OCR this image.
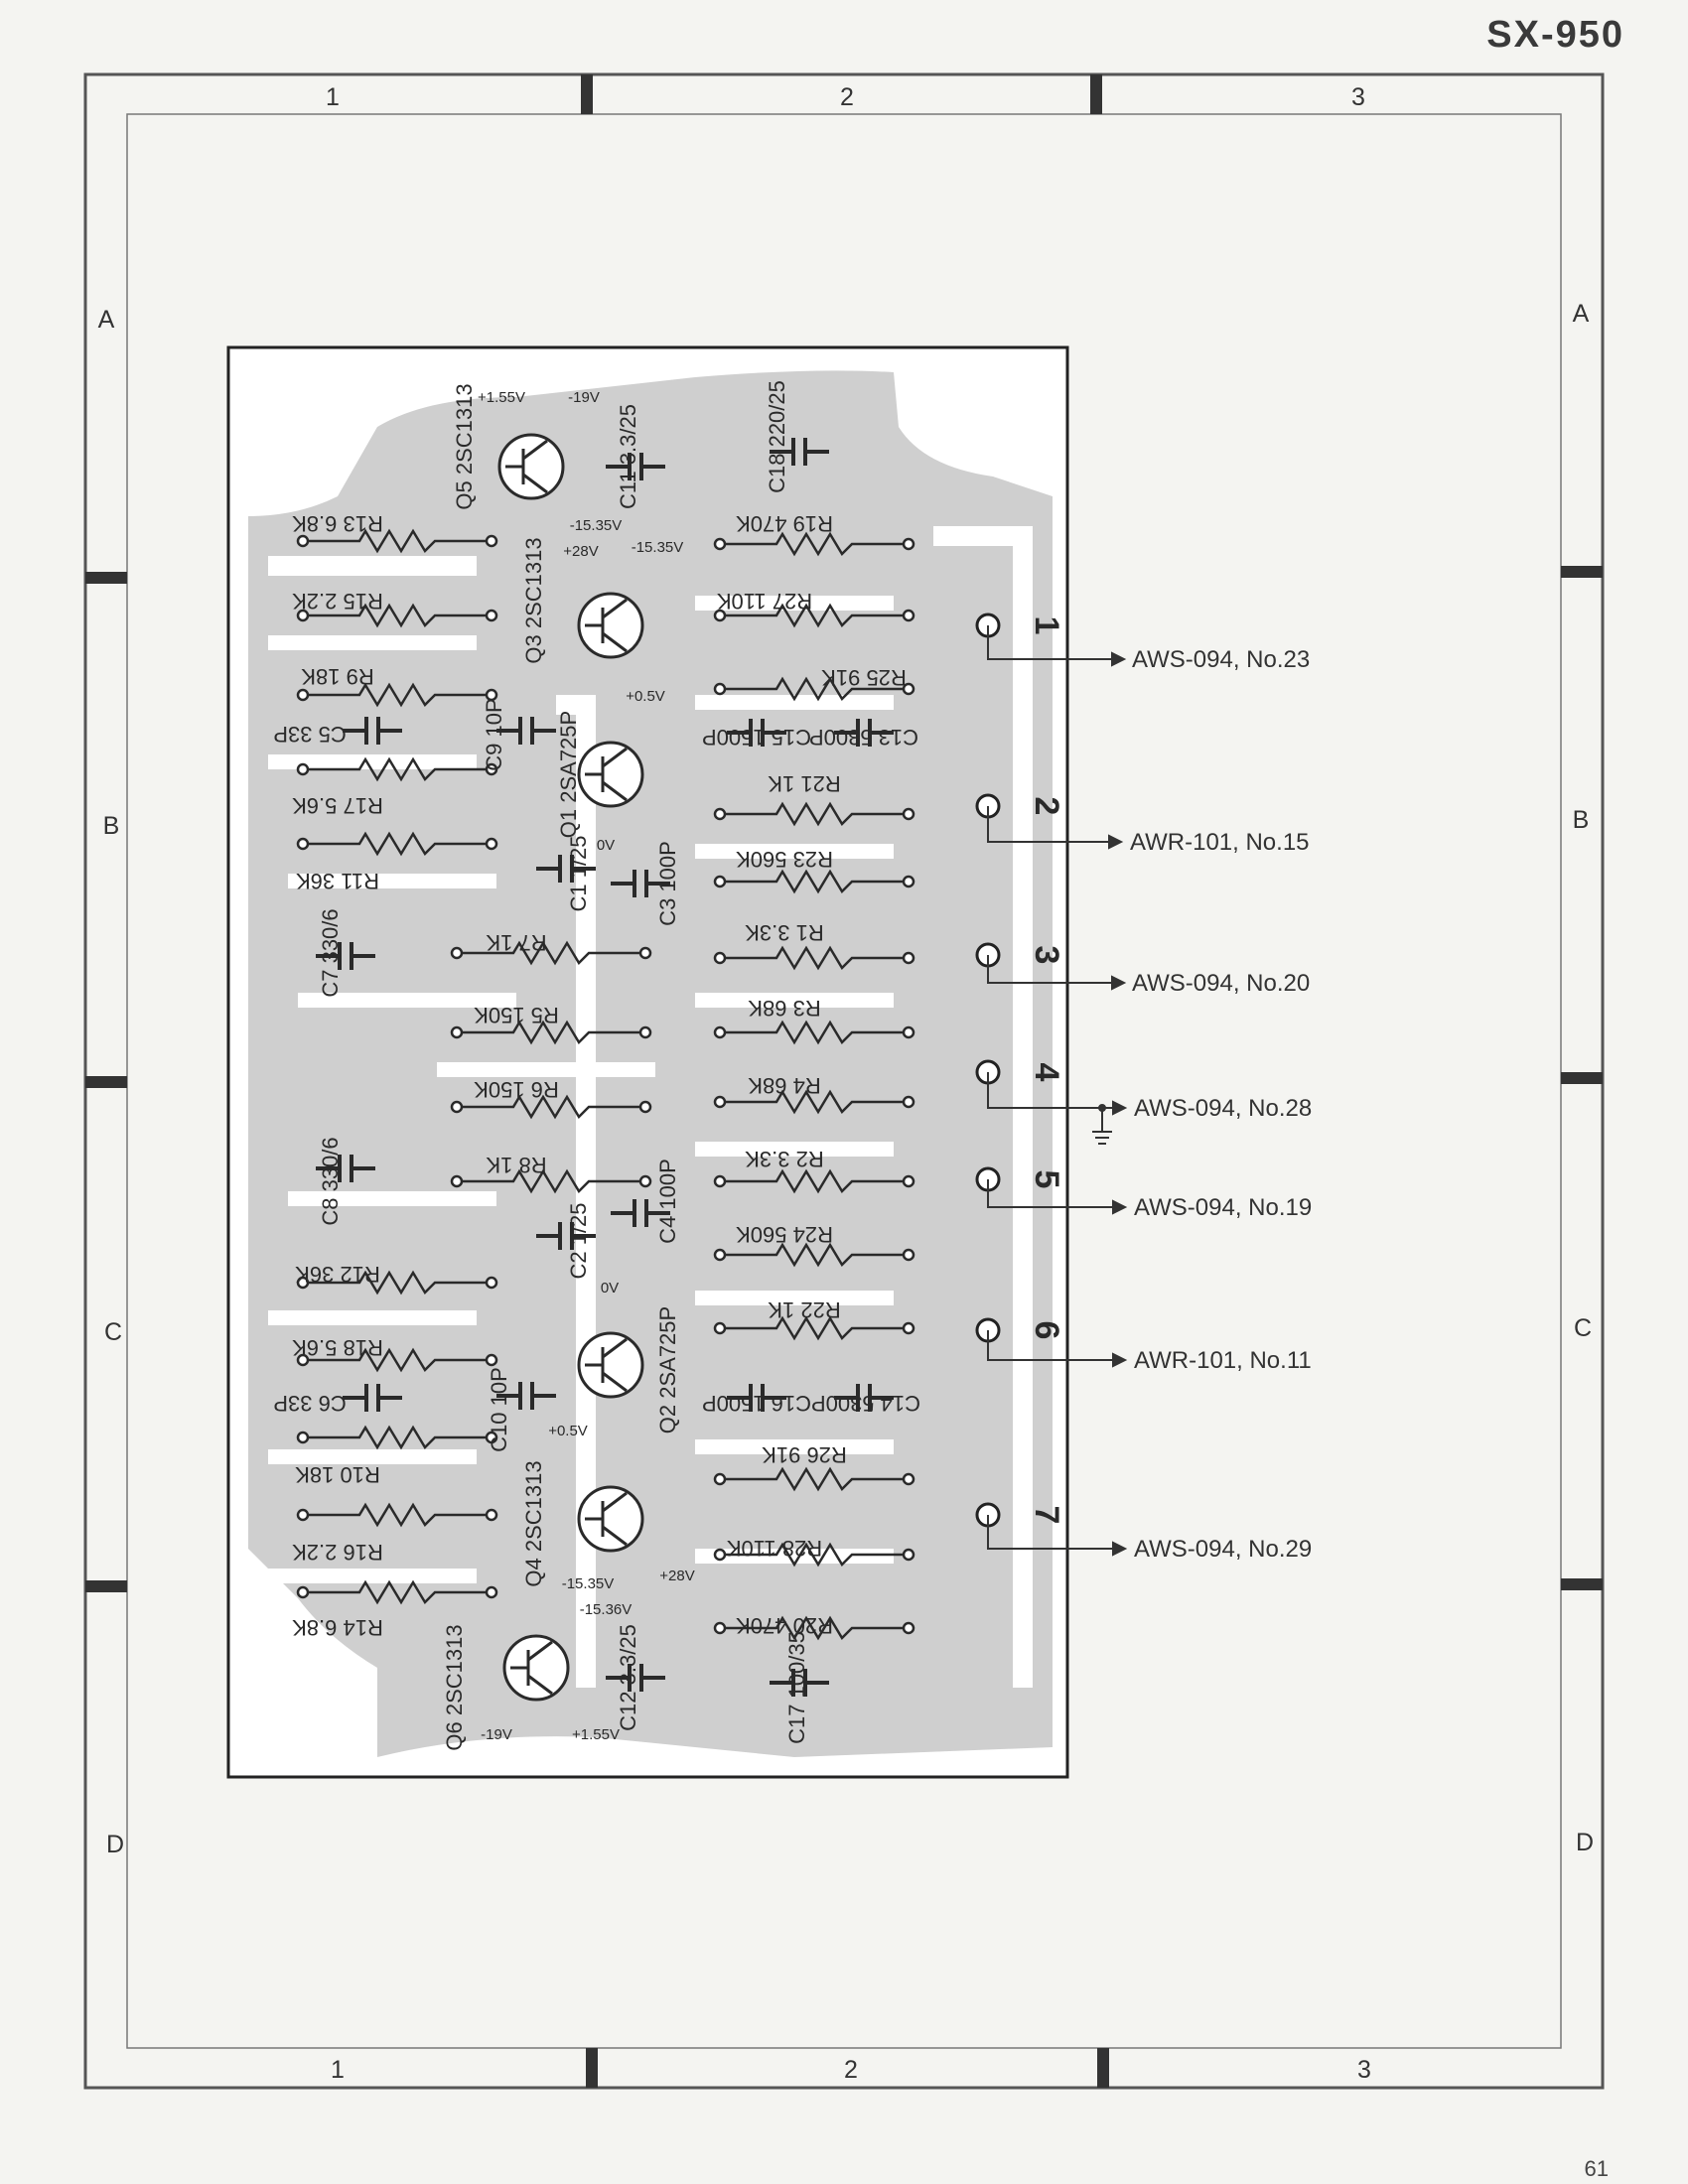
SX-950
61
1	2	3
1	2	3
A
B
C
D
A
B
C
D
R13 6.8K
R15 2.2K
R9 18K
C5 33P
R17 5.6K
R11 36K
C7 330/6	R7 1K
R5 150K
R6 150K
R8 1K
C8 330/6
R12 36K
R18 5.6K
C6 33P
R10 18K
R16 2.2K
R14 6.8K
Q5 2SC1313	C11 3.3/25	C18 220/25
Q3 2SC1313
R19 470K
R27 110K
R25 91K
C9 10P Q1 2SA725P	C15 1500P
C13 5300P
R21 1K
C1 1/25	C3 100P	R23 560K
R1 3.3K
R3 68K
R4 68K
R2 3.3K
C2 1/25	C4 100P	R24 560K
R22 1K
Q2 2SA725P
C10 10P	C16 1500P C14 5300P
R26 91K
Q4 2SC1313	R28 110K
R20 470K
Q6 2SC1313	C12 3.3/25	C17 100/35
+1.55V	-19V
-15.35V
+28V -15.35V
+0.5V
0V
0V
+0.5V
-15.35V	+28V
-15.36V
-19V	+1.55V
1
2
3
4
5
6
7
AWS-094, No.23
AWR-101, No.15
AWS-094, No.20
AWS-094, No.28
AWS-094, No.19
AWR-101, No.11
AWS-094, No.29
